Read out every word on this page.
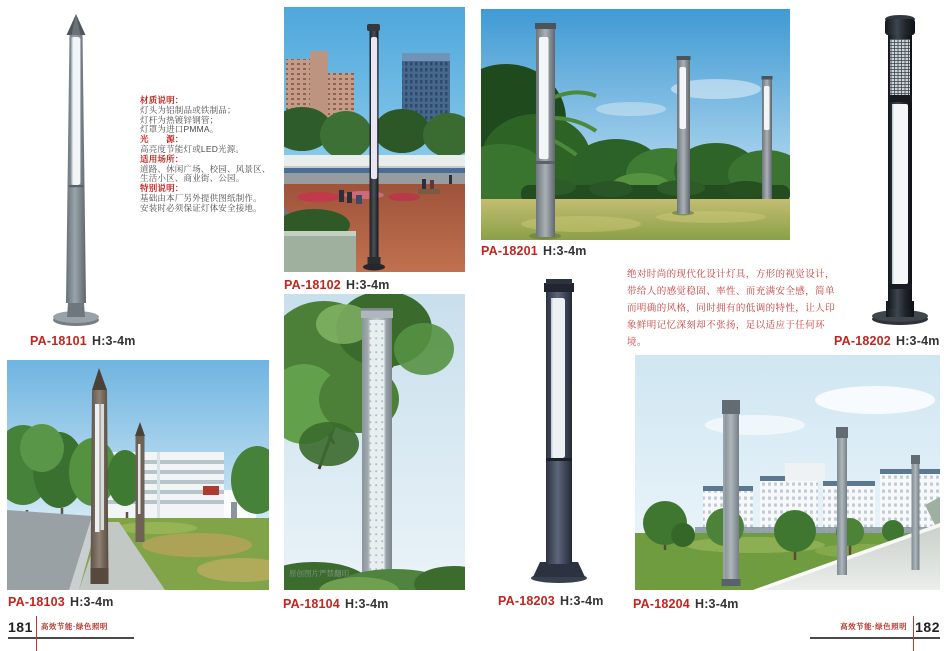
PA-18101 H:3-4m
材质说明：
灯头为铝制品或铁制品；
灯杆为热镀锌钢管；
灯罩为进口PMMA。
光　　源：
高亮度节能灯或LED光源。
适用场所：
道路、休闲广场、校园、风景区、
生活小区、商业街、公园。
特别说明：
基础由本厂另外提供图纸制作。
安装时必须保证灯体安全接地。
PA-18102 H:3-4m
PA-18201 H:3-4m
绝对时尚的现代化设计灯具，方形的视觉设计，
带给人的感觉稳固、率性、而充满安全感，简单
而明确的风格，同时拥有的低调的特性，让人印
象鲜明记忆深刻却不张扬，足以适应于任何环境。	PA-18202 H:3-4m
PA-18103 H:3-4m
原创图片严禁翻印
PA-18104 H:3-4m	PA-18203 H:3-4m PA-18204 H:3-4m
181 高效节能·绿色照明	高效节能·绿色照明 182
